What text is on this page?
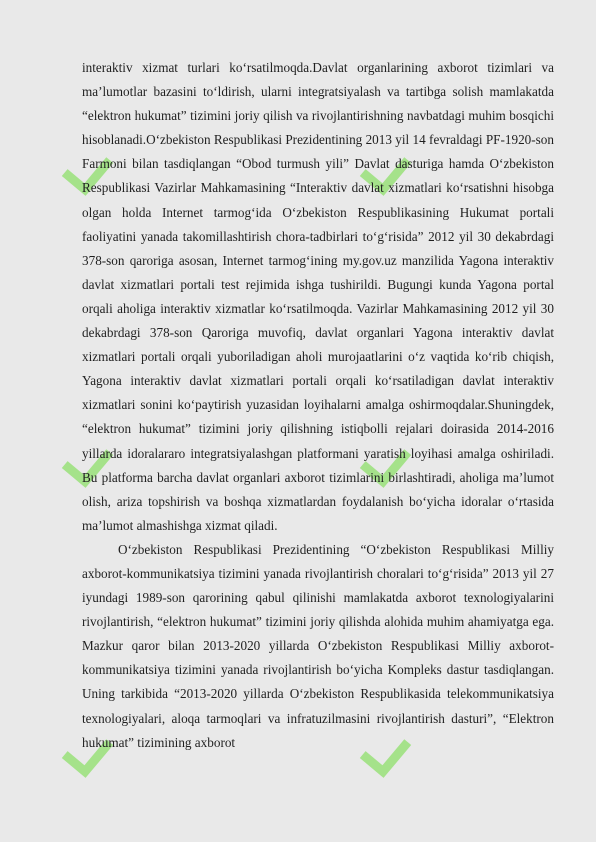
interaktiv xizmat turlari koʻrsatilmoqda.Davlat organlarining axborot tizimlari va maʼlumotlar bazasini toʻldirish, ularni integratsiyalash va tartibga solish mamlakatda “elektron hukumat” tizimini joriy qilish va rivojlantirishning navbatdagi muhim bosqichi hisoblanadi.Oʻzbekiston Respublikasi Prezidentining 2013 yil 14 fevraldagi PF-1920-son Farmoni bilan tasdiqlangan “Obod turmush yili” Davlat dasturiga hamda Oʻzbekiston Respublikasi Vazirlar Mahkamasining “Interaktiv davlat xizmatlari koʻrsatishni hisobga olgan holda Internet tarmogʻida Oʻzbekiston Respublikasining Hukumat portali faoliyatini yanada takomillashtirish chora-tadbirlari toʻgʻrisida” 2012 yil 30 dekabrdagi 378-son qaroriga asosan, Internet tarmogʻining my.gov.uz manzilida Yagona interaktiv davlat xizmatlari portali test rejimida ishga tushirildi. Bugungi kunda Yagona portal orqali aholiga interaktiv xizmatlar koʻrsatilmoqda. Vazirlar Mahkamasining 2012 yil 30 dekabrdagi 378-son Qaroriga muvofiq, davlat organlari Yagona interaktiv davlat xizmatlari portali orqali yuboriladigan aholi murojaatlarini oʻz vaqtida koʻrib chiqish, Yagona interaktiv davlat xizmatlari portali orqali koʻrsatiladigan davlat interaktiv xizmatlari sonini koʻpaytirish yuzasidan loyihalarni amalga oshirmoqdalar.Shuningdek, “elektron hukumat” tizimini joriy qilishning istiqbolli rejalari doirasida 2014-2016 yillarda idoralararo integratsiyalashgan platformani yaratish loyihasi amalga oshiriladi. Bu platforma barcha davlat organlari axborot tizimlarini birlashtiradi, aholiga maʼlumot olish, ariza topshirish va boshqa xizmatlardan foydalanish boʻyicha idoralar oʻrtasida maʼlumot almashishga xizmat qiladi.

Oʻzbekiston Respublikasi Prezidentining “Oʻzbekiston Respublikasi Milliy axborot-kommunikatsiya tizimini yanada rivojlantirish choralari toʻgʻrisida” 2013 yil 27 iyundagi 1989-son qarorining qabul qilinishi mamlakatda axborot texnologiyalarini rivojlantirish, “elektron hukumat” tizimini joriy qilishda alohida muhim ahamiyatga ega. Mazkur qaror bilan 2013-2020 yillarda Oʻzbekiston Respublikasi Milliy axborot-kommunikatsiya tizimini yanada rivojlantirish boʻyicha Kompleks dastur tasdiqlangan. Uning tarkibida “2013-2020 yillarda Oʻzbekiston Respublikasida telekommunikatsiya texnologiyalari, aloqa tarmoqlari va infratuzilmasini rivojlantirish dasturi”, “Elektron hukumat” tizimining axborot
